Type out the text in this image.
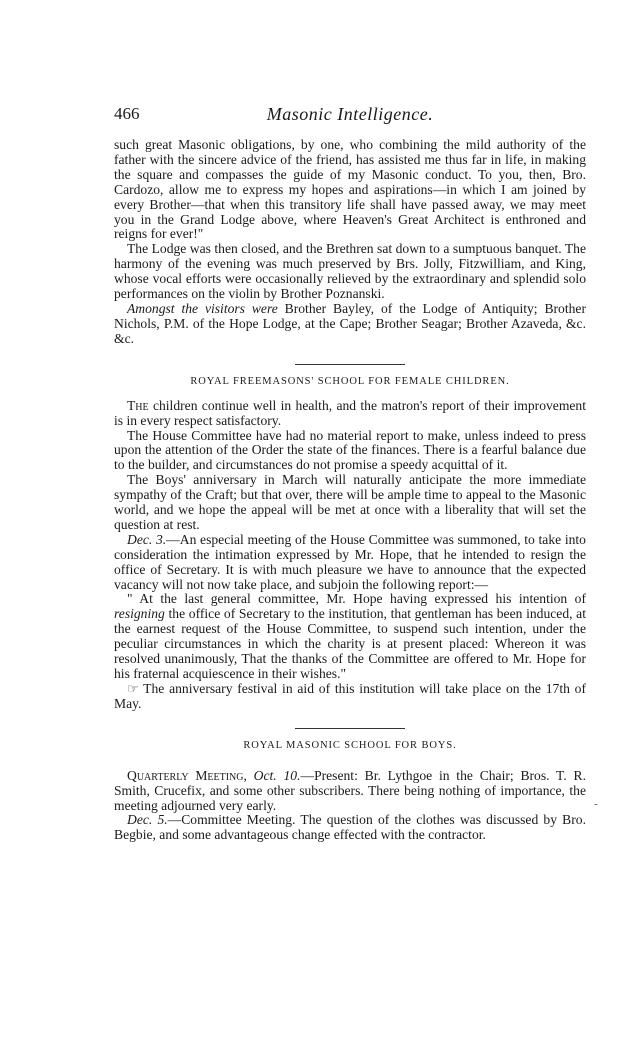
466	Masonic Intelligence.

such great Masonic obligations, by one, who combining the mild authority of the father with the sincere advice of the friend, has assisted me thus far in life, in making the square and compasses the guide of my Masonic conduct. To you, then, Bro. Cardozo, allow me to express my hopes and aspirations—in which I am joined by every Brother—that when this transitory life shall have passed away, we may meet you in the Grand Lodge above, where Heaven's Great Architect is enthroned and reigns for ever!"

The Lodge was then closed, and the Brethren sat down to a sumptuous banquet. The harmony of the evening was much preserved by Brs. Jolly, Fitzwilliam, and King, whose vocal efforts were occasionally relieved by the extraordinary and splendid solo performances on the violin by Brother Poznanski.

Amongst the visitors were Brother Bayley, of the Lodge of Antiquity; Brother Nichols, P.M. of the Hope Lodge, at the Cape; Brother Seagar; Brother Azaveda, &c. &c.

ROYAL FREEMASONS' SCHOOL FOR FEMALE CHILDREN.

The children continue well in health, and the matron's report of their improvement is in every respect satisfactory.

The House Committee have had no material report to make, unless indeed to press upon the attention of the Order the state of the finances. There is a fearful balance due to the builder, and circumstances do not promise a speedy acquittal of it.

The Boys' anniversary in March will naturally anticipate the more immediate sympathy of the Craft; but that over, there will be ample time to appeal to the Masonic world, and we hope the appeal will be met at once with a liberality that will set the question at rest.

Dec. 3.—An especial meeting of the House Committee was summoned, to take into consideration the intimation expressed by Mr. Hope, that he intended to resign the office of Secretary. It is with much pleasure we have to announce that the expected vacancy will not now take place, and subjoin the following report:—

" At the last general committee, Mr. Hope having expressed his intention of resigning the office of Secretary to the institution, that gentleman has been induced, at the earnest request of the House Committee, to suspend such intention, under the peculiar circumstances in which the charity is at present placed: Whereon it was resolved unanimously, That the thanks of the Committee are offered to Mr. Hope for his fraternal acquiescence in their wishes."

☞ The anniversary festival in aid of this institution will take place on the 17th of May.

ROYAL MASONIC SCHOOL FOR BOYS.

Quarterly Meeting, Oct. 10.—Present: Br. Lythgoe in the Chair; Bros. T. R. Smith, Crucefix, and some other subscribers. There being nothing of importance, the meeting adjourned very early.

Dec. 5.—Committee Meeting. The question of the clothes was discussed by Bro. Begbie, and some advantageous change effected with the contractor.

-
